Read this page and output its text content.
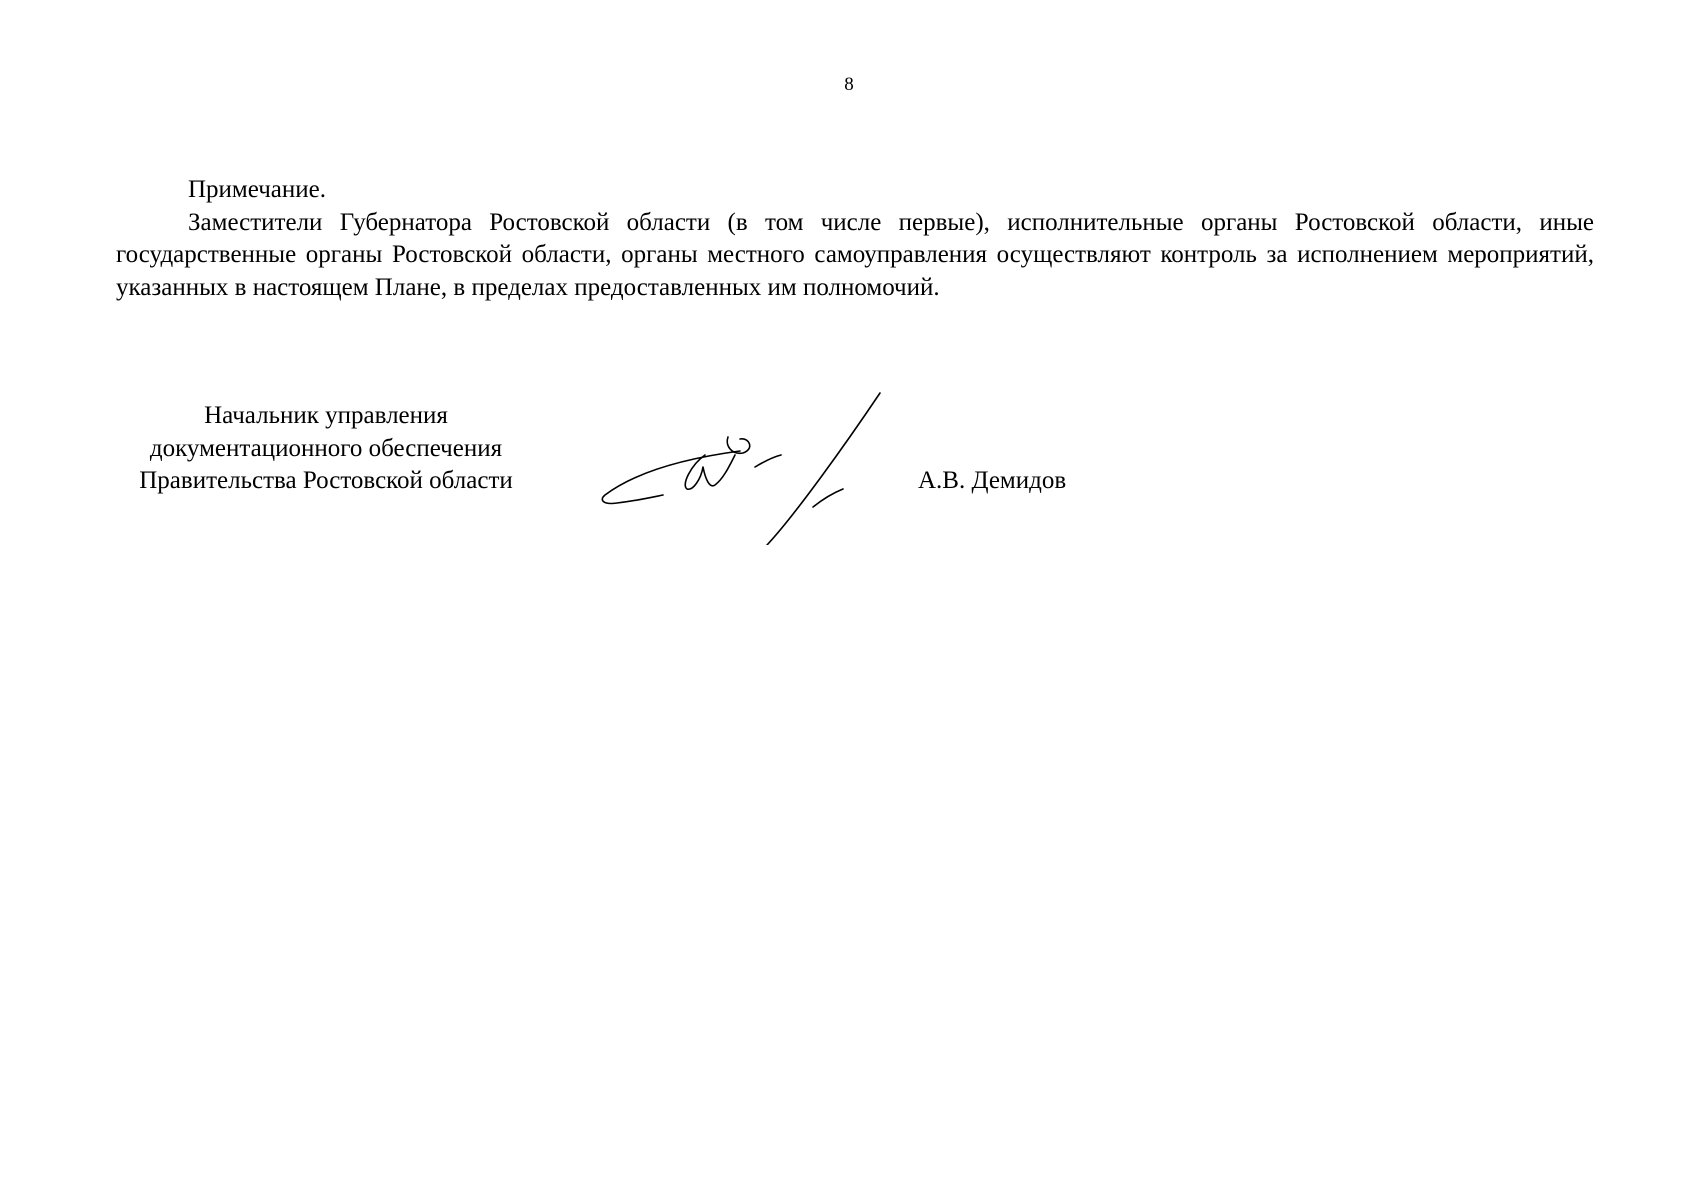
8

Примечание.

Заместители Губернатора Ростовской области (в том числе первые), исполнительные органы Ростовской области, иные государственные органы Ростовской области, органы местного самоуправления осуществляют контроль за исполнением мероприятий, указанных в настоящем Плане, в пределах предоставленных им полномочий.

Начальник управления
документационного обеспечения
Правительства Ростовской области	А.В. Демидов
